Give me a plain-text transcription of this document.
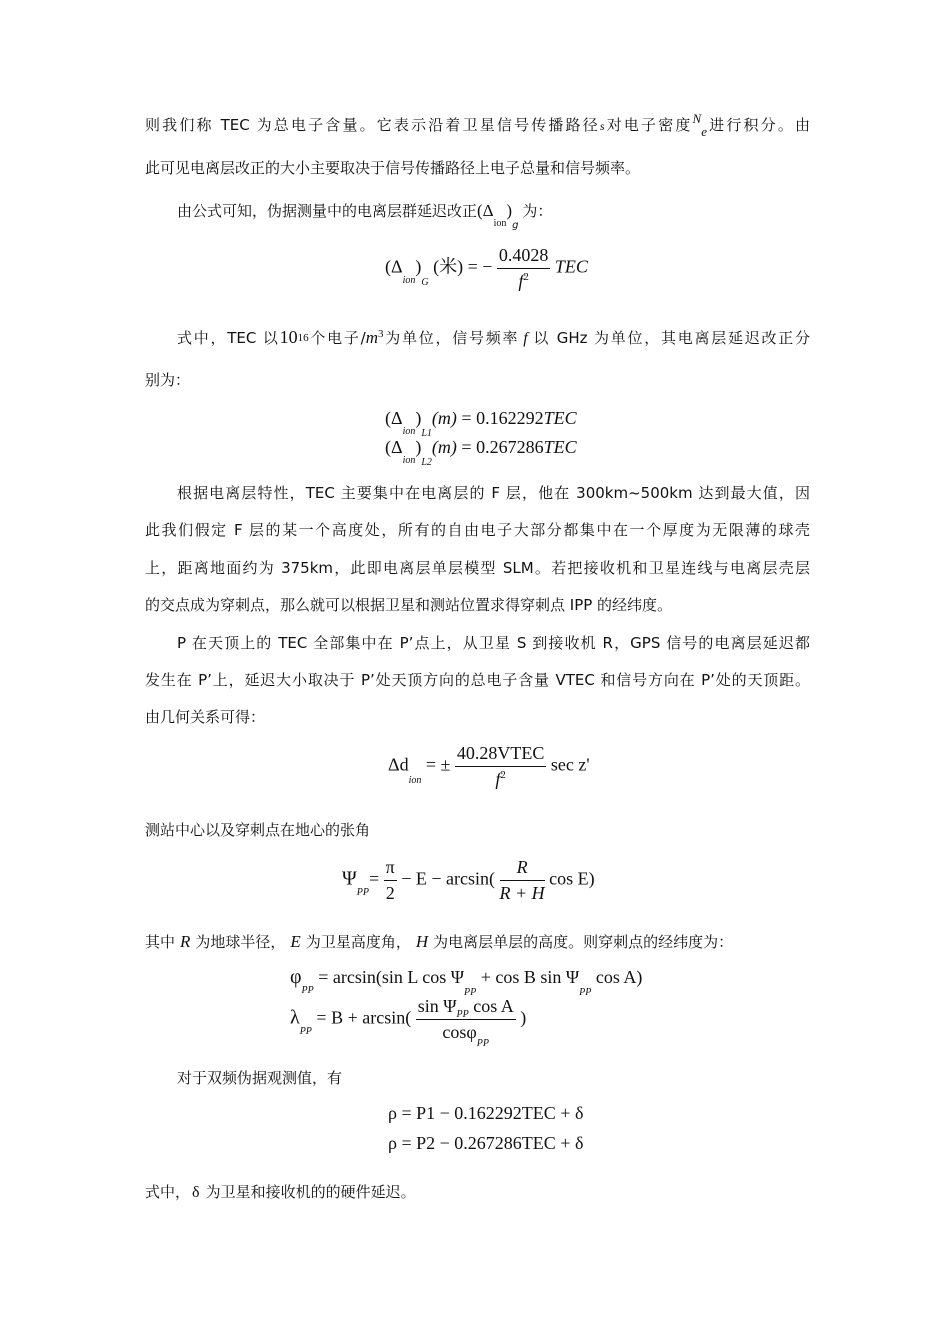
则我们称 TEC 为总电子含量。它表示沿着卫星信号传播路径s对电子密度Ne进行积分。由
此可见电离层改正的大小主要取决于信号传播路径上电子总量和信号频率。
由公式可知，伪据测量中的电离层群延迟改正$(\Delta_{ion})_g$为：
$(\Delta_{ion})_G$ (米) = − $\frac{0.4028}{f^2}$ TEC
式中，TEC 以1016个电子$/m^3$为单位，信号频率 f 以 GHz 为单位，其电离层延迟改正分
别为：
$(\Delta_{ion})_{L1}(m) = 0.162292TEC$
$(\Delta_{ion})_{L2}(m) = 0.267286TEC$
根据电离层特性，TEC 主要集中在电离层的 F 层，他在 300km~500km 达到最大值，因
此我们假定 F 层的某一个高度处，所有的自由电子大部分都集中在一个厚度为无限薄的球壳
上，距离地面约为 375km，此即电离层单层模型 SLM。若把接收机和卫星连线与电离层壳层
的交点成为穿刺点，那么就可以根据卫星和测站位置求得穿刺点 IPP 的经纬度。
P 在天顶上的 TEC 全部集中在 P’点上，从卫星 S 到接收机 R，GPS 信号的电离层延迟都
发生在 P’上，延迟大小取决于 P’处天顶方向的总电子含量 VTEC 和信号方向在 P’处的天顶距。
由几何关系可得：
$\Delta d_{ion}$ = ± $\frac{\text{40.28VTEC}}{f^2}$ sec z'
测站中心以及穿刺点在地心的张角
$\Psi_{PP}= \frac{\pi}{2} - E - \arcsin( \frac{R}{R + H}$ cos E)
其中 R 为地球半径， E 为卫星高度角， H 为电离层单层的高度。则穿刺点的经纬度为：
$\varphi_{PP} = \arcsin(\sin$ L $\cos \Psi_{PP} + \cos B$ $\sin \Psi_{PP}$ cos A)
$\lambda_{PP} = B + \arcsin( \frac{\sin \Psi_{PP} \cos A}{\cos\varphi_{PP}}$ )
对于双频伪据观测值，有
ρ = P1 − 0.162292TEC + δ
ρ = P2 − 0.267286TEC + δ
式中， δ 为卫星和接收机的的硬件延迟。
